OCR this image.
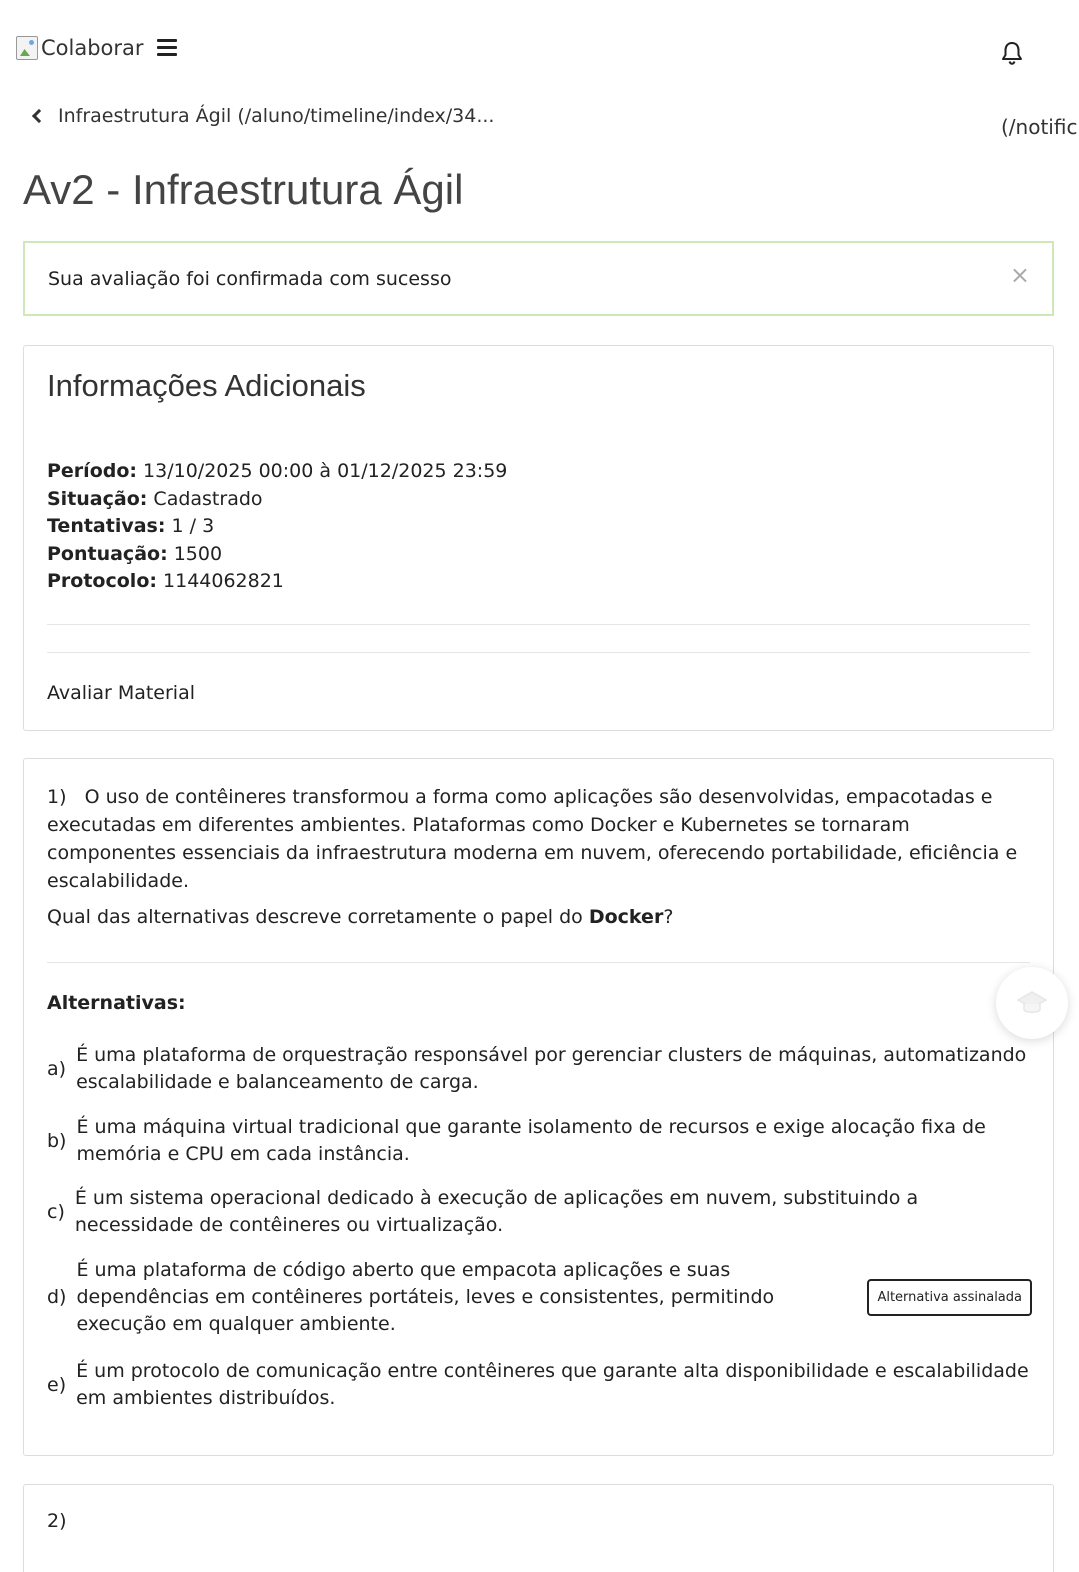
Colaborar
Infraestrutura Ágil (/aluno/timeline/index/34...	(/notific
Av2 - Infraestrutura Ágil
Sua avaliação foi confirmada com sucesso	×
Informações Adicionais
Período: 13/10/2025 00:00 à 01/12/2025 23:59
Situação: Cadastrado
Tentativas: 1 / 3
Pontuação: 1500
Protocolo: 1144062821
Avaliar Material
1) O uso de contêineres transformou a forma como aplicações são desenvolvidas, empacotadas e executadas em diferentes ambientes. Plataformas como Docker e Kubernetes se tornaram componentes essenciais da infraestrutura moderna em nuvem, oferecendo portabilidade, eficiência e escalabilidade.
Qual das alternativas descreve corretamente o papel do Docker?
Alternativas:
a)
É uma plataforma de orquestração responsável por gerenciar clusters de máquinas, automatizando escalabilidade e balanceamento de carga.
b)
É uma máquina virtual tradicional que garante isolamento de recursos e exige alocação fixa de memória e CPU em cada instância.
c)
É um sistema operacional dedicado à execução de aplicações em nuvem, substituindo a necessidade de contêineres ou virtualização.
d)
É uma plataforma de código aberto que empacota aplicações e suas dependências em contêineres portáteis, leves e consistentes, permitindo execução em qualquer ambiente.
Alternativa assinalada
e)
É um protocolo de comunicação entre contêineres que garante alta disponibilidade e escalabilidade em ambientes distribuídos.
2)
